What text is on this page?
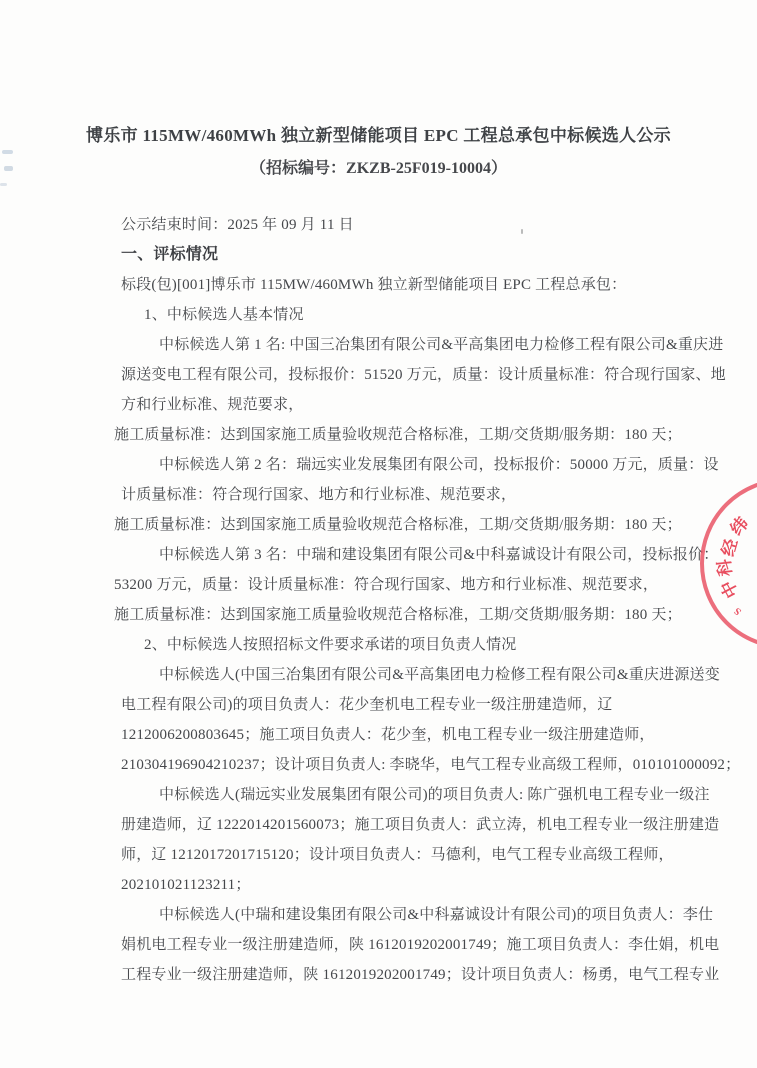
博乐市 115MW/460MWh 独立新型储能项目 EPC 工程总承包中标候选人公示
（招标编号：ZKZB-25F019-10004）
公示结束时间：2025 年 09 月 11 日
一、评标情况
标段(包)[001]博乐市 115MW/460MWh 独立新型储能项目 EPC 工程总承包：
1、中标候选人基本情况
中标候选人第 1 名: 中国三冶集团有限公司&平高集团电力检修工程有限公司&重庆进
源送变电工程有限公司，投标报价：51520 万元，质量：设计质量标准：符合现行国家、地
方和行业标准、规范要求，
施工质量标准：达到国家施工质量验收规范合格标准，工期/交货期/服务期：180 天；
中标候选人第 2 名：瑞远实业发展集团有限公司，投标报价：50000 万元，质量：设
计质量标准：符合现行国家、地方和行业标准、规范要求，
施工质量标准：达到国家施工质量验收规范合格标准，工期/交货期/服务期：180 天；
中标候选人第 3 名：中瑞和建设集团有限公司&中科嘉诚设计有限公司，投标报价：
53200 万元，质量：设计质量标准：符合现行国家、地方和行业标准、规范要求，
施工质量标准：达到国家施工质量验收规范合格标准，工期/交货期/服务期：180 天；
2、中标候选人按照招标文件要求承诺的项目负责人情况
中标候选人(中国三冶集团有限公司&平高集团电力检修工程有限公司&重庆进源送变
电工程有限公司)的项目负责人：花少奎机电工程专业一级注册建造师，辽
1212006200803645；施工项目负责人：花少奎，机电工程专业一级注册建造师，
210304196904210237；设计项目负责人: 李晓华，电气工程专业高级工程师，010101000092；
中标候选人(瑞远实业发展集团有限公司)的项目负责人: 陈广强机电工程专业一级注
册建造师，辽 1222014201560073；施工项目负责人：武立涛，机电工程专业一级注册建造
师，辽 1212017201715120；设计项目负责人：马德利，电气工程专业高级工程师，
202101021123211；
中标候选人(中瑞和建设集团有限公司&中科嘉诚设计有限公司)的项目负责人：李仕
娟机电工程专业一级注册建造师，陕 1612019202001749；施工项目负责人：李仕娟，机电
工程专业一级注册建造师，陕 1612019202001749；设计项目负责人：杨勇，电气工程专业
纬
经
科
中
S
